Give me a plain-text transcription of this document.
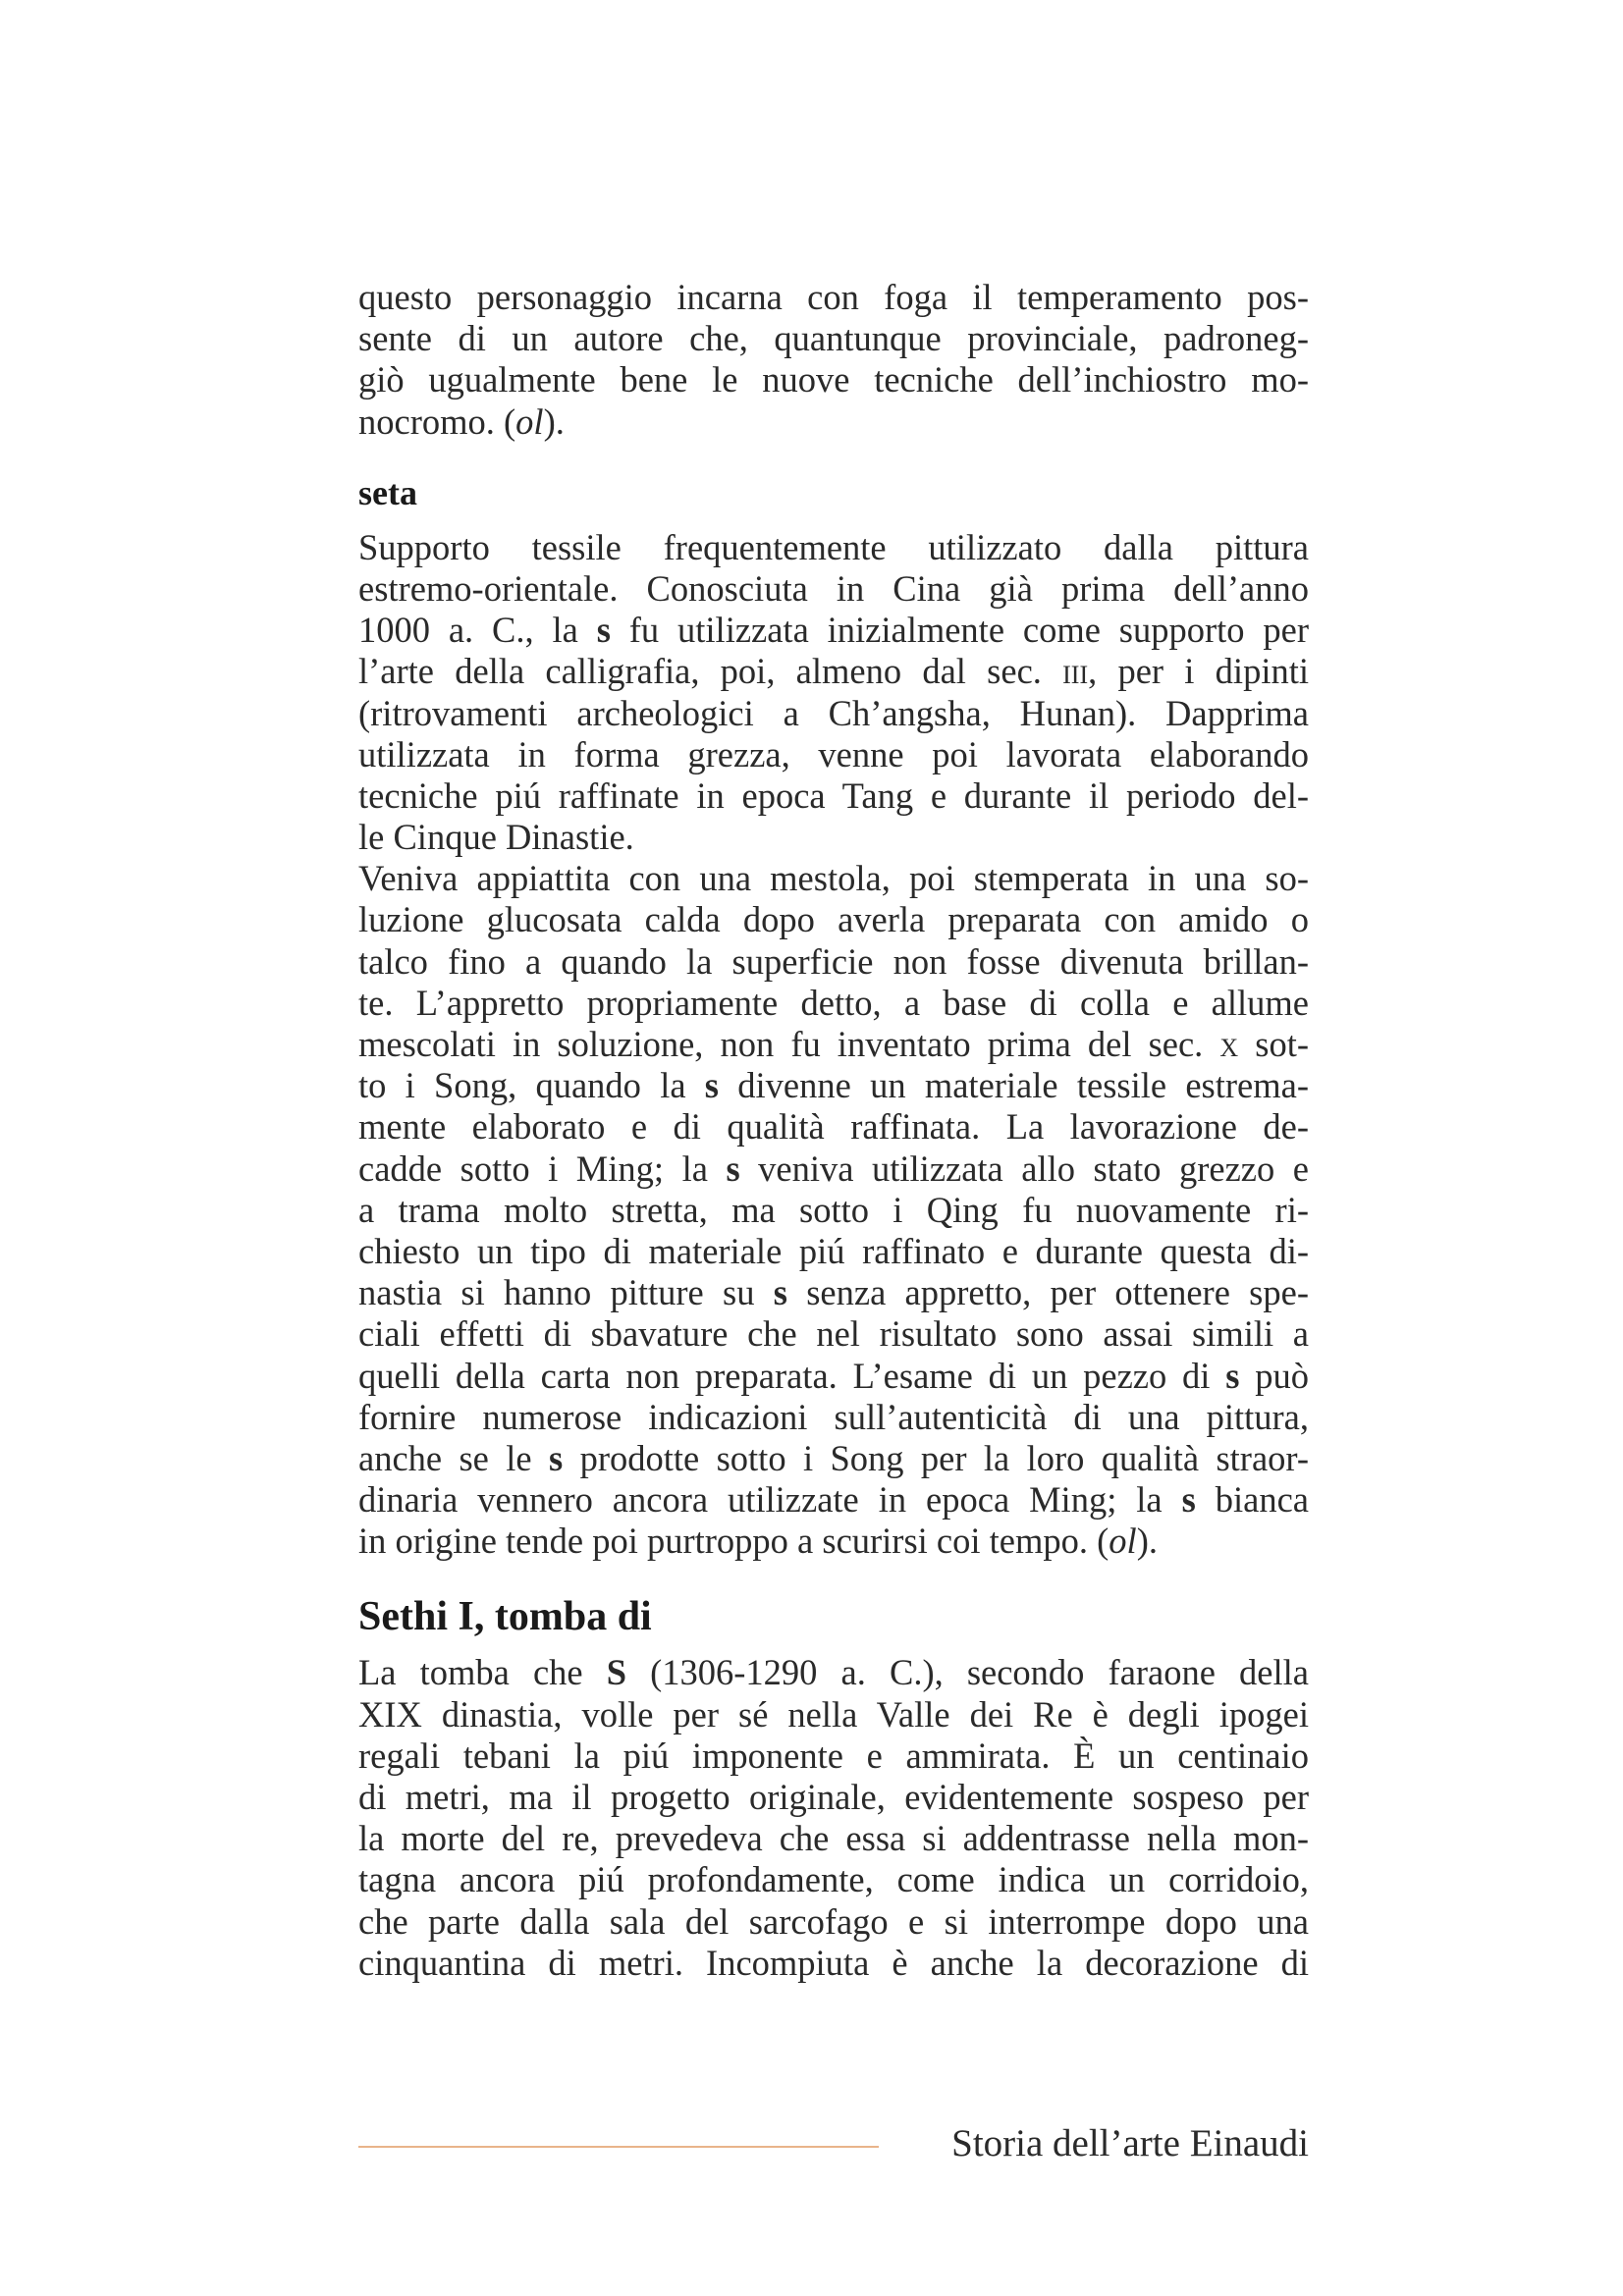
questo personaggio incarna con foga il temperamento pos-
sente di un autore che, quantunque provinciale, padroneg-
giò ugualmente bene le nuove tecniche dell’inchiostro mo-
nocromo. (ol).
seta
Supporto tessile frequentemente utilizzato dalla pittura
estremo-orientale. Conosciuta in Cina già prima dell’anno
1000 a. C., la s fu utilizzata inizialmente come supporto per
l’arte della calligrafia, poi, almeno dal sec. iii, per i dipinti
(ritrovamenti archeologici a Ch’angsha, Hunan). Dapprima
utilizzata in forma grezza, venne poi lavorata elaborando
tecniche piú raffinate in epoca Tang e durante il periodo del-
le Cinque Dinastie.
Veniva appiattita con una mestola, poi stemperata in una so-
luzione glucosata calda dopo averla preparata con amido o
talco fino a quando la superficie non fosse divenuta brillan-
te. L’appretto propriamente detto, a base di colla e allume
mescolati in soluzione, non fu inventato prima del sec. x sot-
to i Song, quando la s divenne un materiale tessile estrema-
mente elaborato e di qualità raffinata. La lavorazione de-
cadde sotto i Ming; la s veniva utilizzata allo stato grezzo e
a trama molto stretta, ma sotto i Qing fu nuovamente ri-
chiesto un tipo di materiale piú raffinato e durante questa di-
nastia si hanno pitture su s senza appretto, per ottenere spe-
ciali effetti di sbavature che nel risultato sono assai simili a
quelli della carta non preparata. L’esame di un pezzo di s può
fornire numerose indicazioni sull’autenticità di una pittura,
anche se le s prodotte sotto i Song per la loro qualità straor-
dinaria vennero ancora utilizzate in epoca Ming; la s bianca
in origine tende poi purtroppo a scurirsi coi tempo. (ol).
Sethi I, tomba di
La tomba che S (1306-1290 a. C.), secondo faraone della
XIX dinastia, volle per sé nella Valle dei Re è degli ipogei
regali tebani la piú imponente e ammirata. È un centinaio
di metri, ma il progetto originale, evidentemente sospeso per
la morte del re, prevedeva che essa si addentrasse nella mon-
tagna ancora piú profondamente, come indica un corridoio,
che parte dalla sala del sarcofago e si interrompe dopo una
cinquantina di metri. Incompiuta è anche la decorazione di
Storia dell’arte Einaudi
